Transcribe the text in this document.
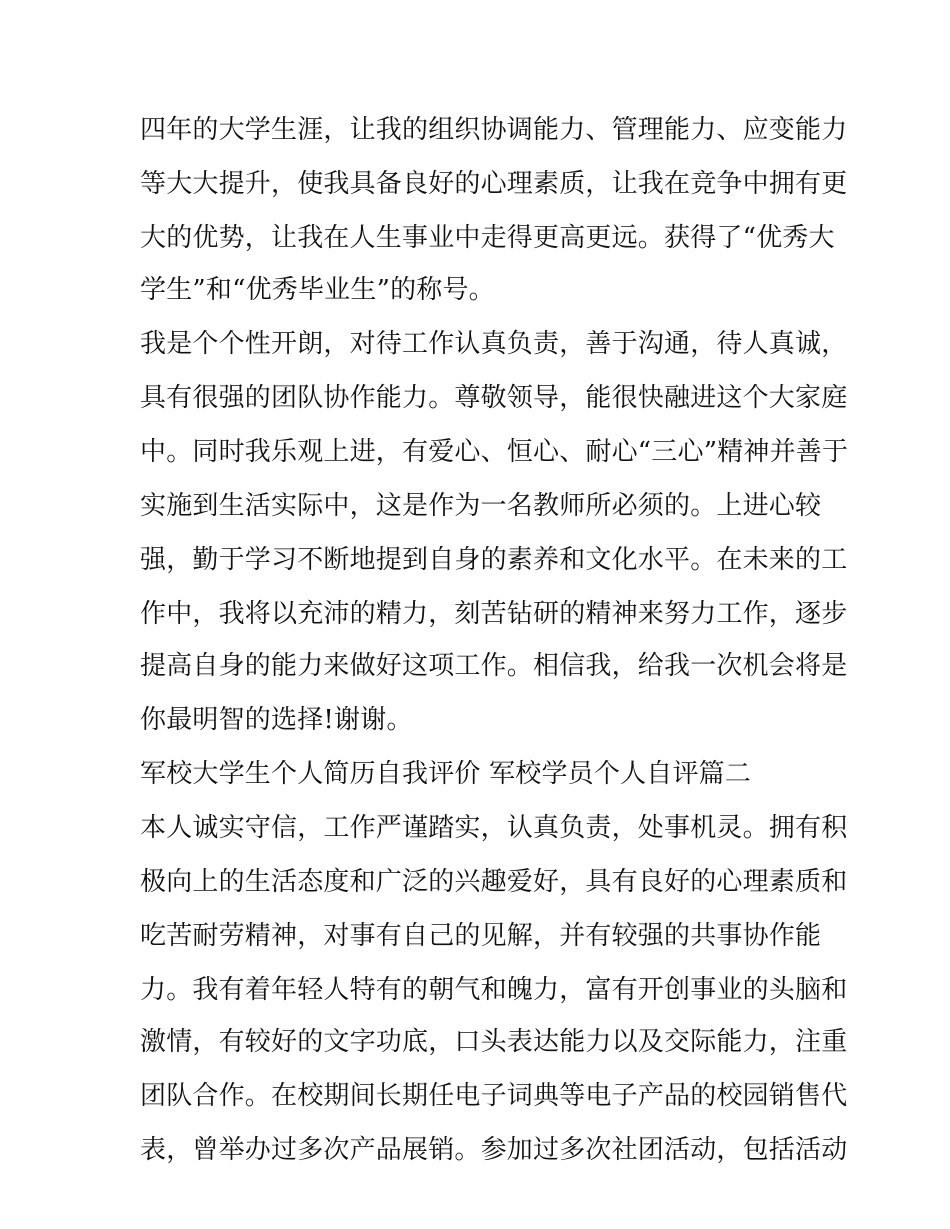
四年的大学生涯，让我的组织协调能力、管理能力、应变能力
等大大提升，使我具备良好的心理素质，让我在竞争中拥有更
大的优势，让我在人生事业中走得更高更远。获得了“优秀大
学生”和“优秀毕业生”的称号。
我是个个性开朗，对待工作认真负责，善于沟通，待人真诚，
具有很强的团队协作能力。尊敬领导，能很快融进这个大家庭
中。同时我乐观上进，有爱心、恒心、耐心“三心”精神并善于
实施到生活实际中，这是作为一名教师所必须的。上进心较
强，勤于学习不断地提到自身的素养和文化水平。在未来的工
作中，我将以充沛的精力，刻苦钻研的精神来努力工作，逐步
提高自身的能力来做好这项工作。相信我，给我一次机会将是
你最明智的选择!谢谢。
军校大学生个人简历自我评价 军校学员个人自评篇二
本人诚实守信，工作严谨踏实，认真负责，处事机灵。拥有积
极向上的生活态度和广泛的兴趣爱好，具有良好的心理素质和
吃苦耐劳精神，对事有自己的见解，并有较强的共事协作能
力。我有着年轻人特有的朝气和魄力，富有开创事业的头脑和
激情，有较好的文字功底，口头表达能力以及交际能力，注重
团队合作。在校期间长期任电子词典等电子产品的校园销售代
表，曾举办过多次产品展销。参加过多次社团活动，包括活动
